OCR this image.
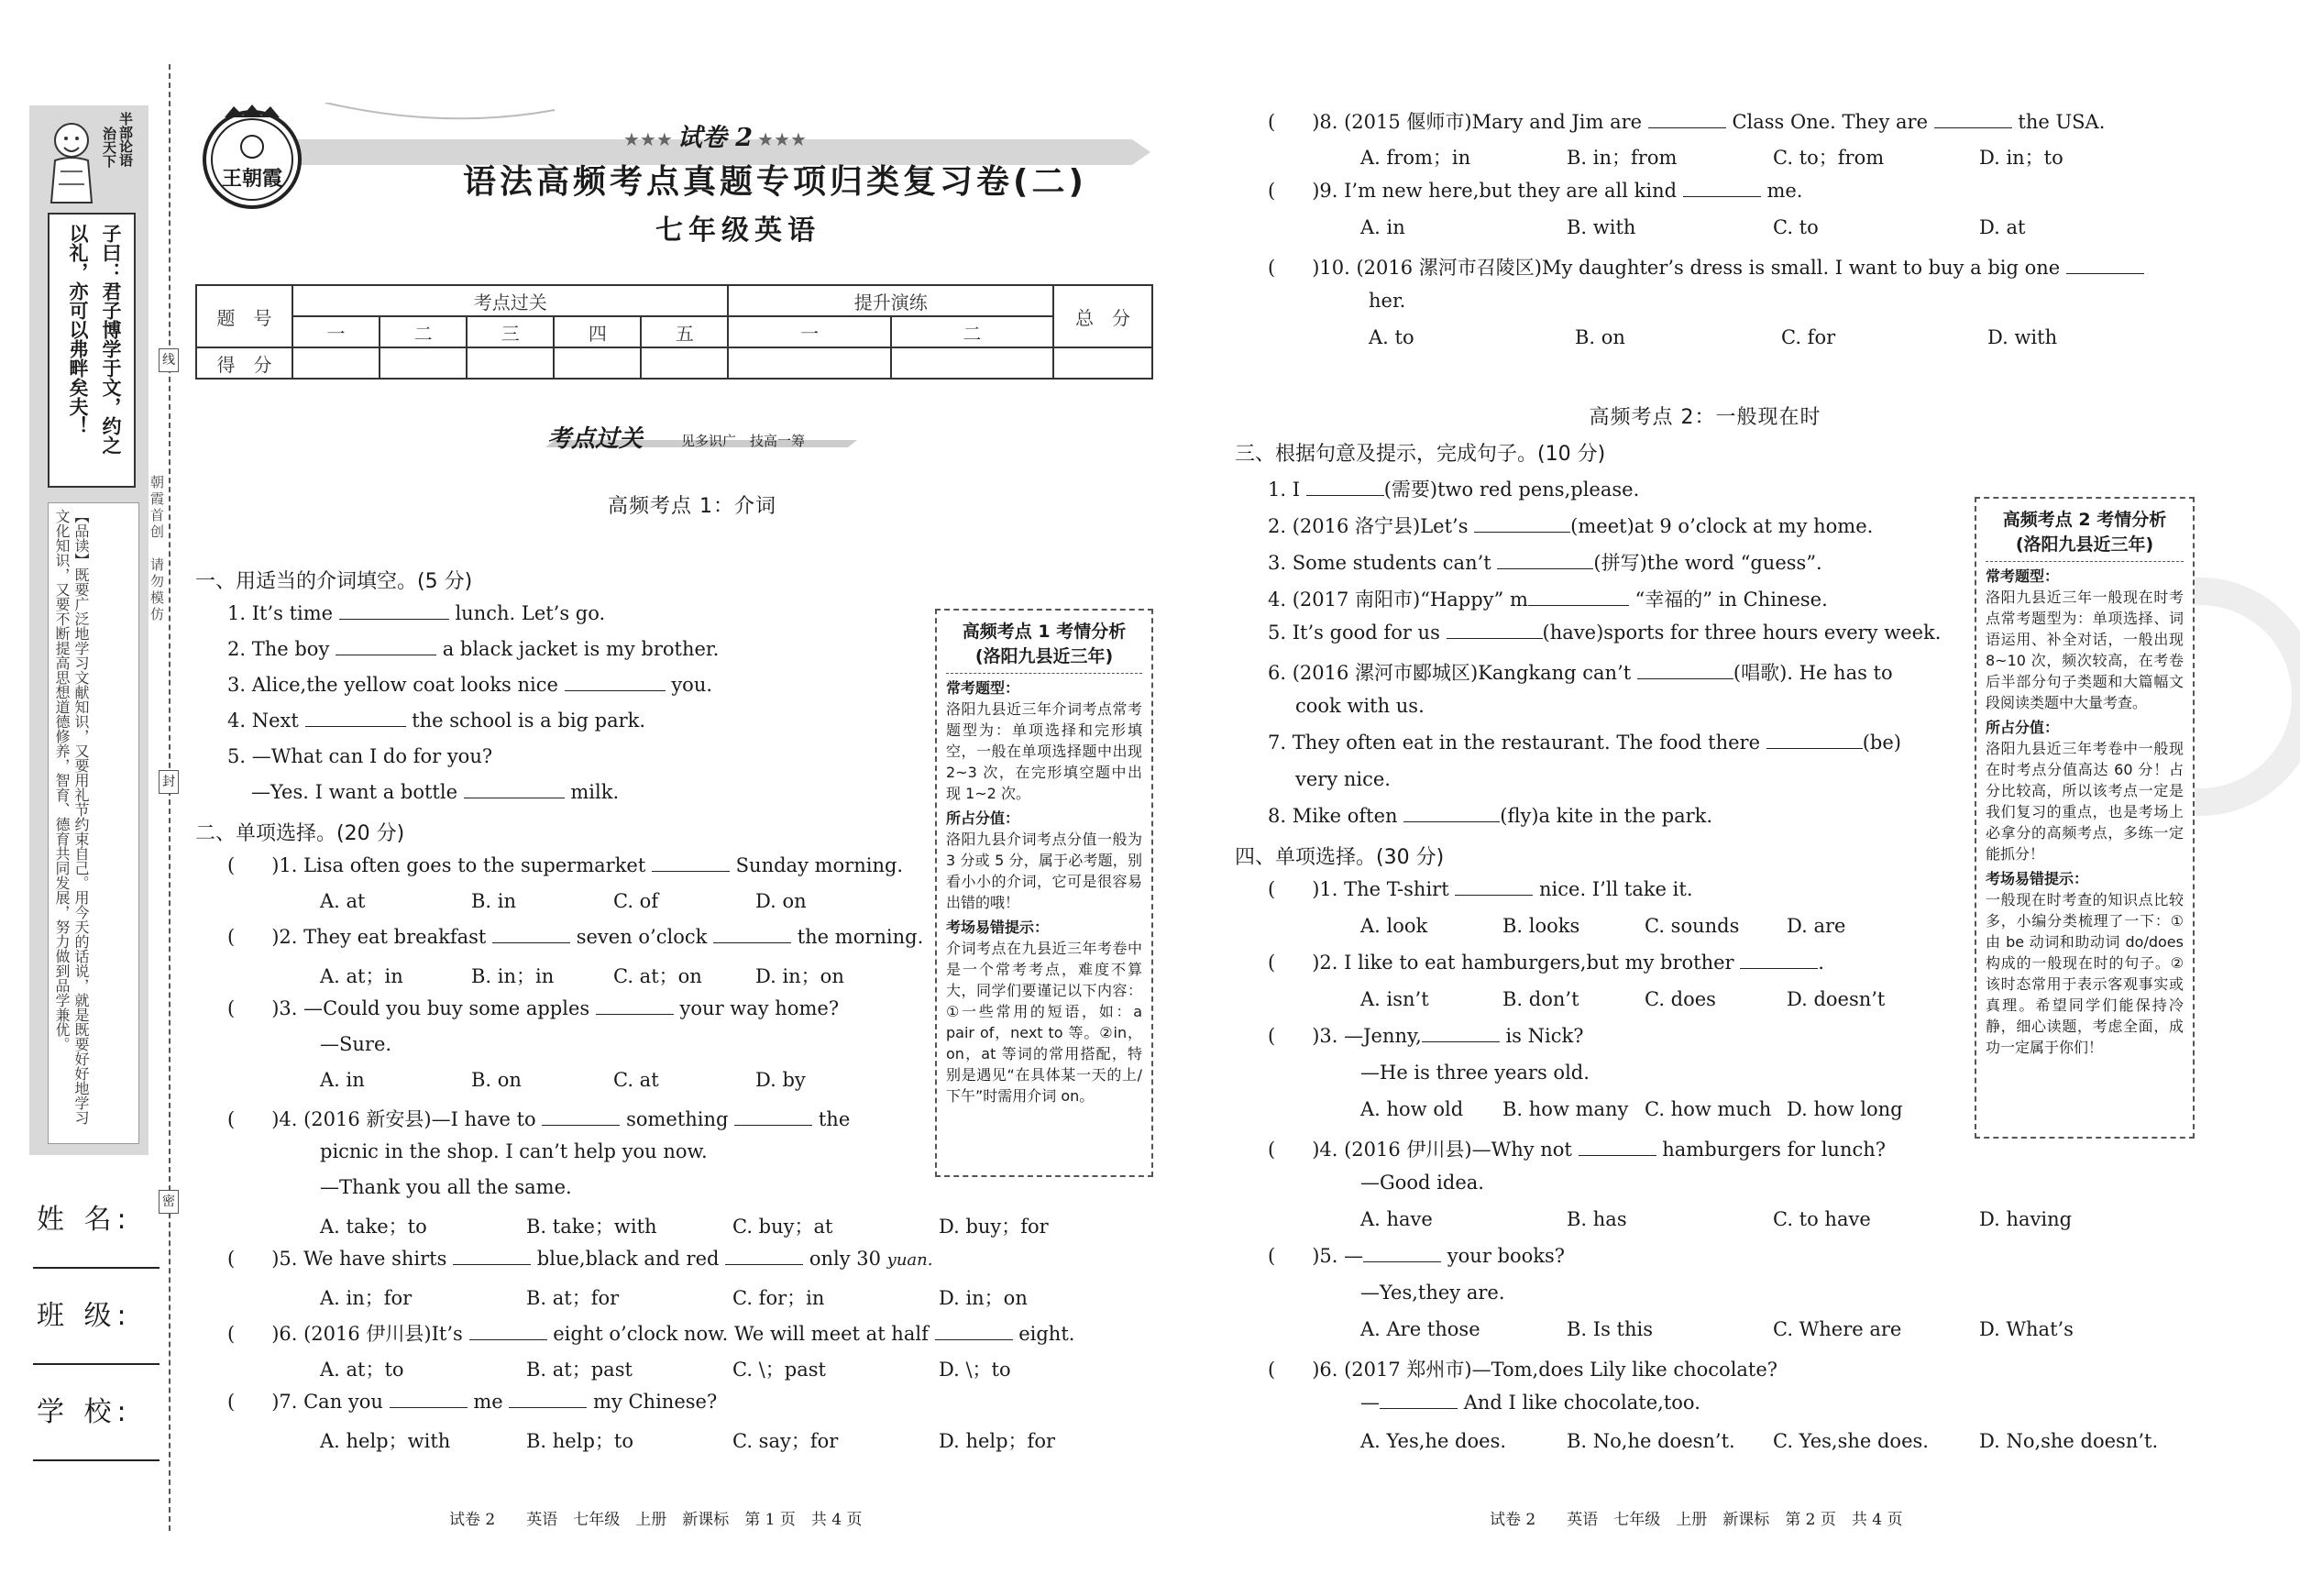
半部论语
治天下
子曰：君子博学于文，约之
以礼，亦可以弗畔矣夫！
【品读】既要广泛地学习文献知识，又要用礼节约束自己。用今天的话说，就是既要好好地学习文化知识，又要不断提高思想道德修养，智育、德育共同发展，努力做到品学兼优。	朝霞首创　请勿模仿
线
封
密
姓 名:
班 级:
学 校:
王朝霞
★★★ 试卷 2 ★★★
语法高频考点真题专项归类复习卷(二)
七年级英语
题　号	考点过关					提升演练		总　分
	一	二	三	四	五	一	二	
得　分								
考点过关	见多识广　技高一筹
高频考点 1：介词
一、用适当的介词填空。(5 分)
1. It’s time	lunch. Let’s go.
2. The boy	a black jacket is my brother.
3. Alice,the yellow coat looks nice	you.
4. Next	the school is a big park.
5. —What can I do for you?
—Yes. I want a bottle	milk.
二、单项选择。(20 分)
( )1. Lisa often goes to the supermarket	Sunday morning.
A. at	B. in	C. of	D. on
( )2. They eat breakfast	seven o’clock	the morning.
A. at；in	B. in；in	C. at；on	D. in；on
( )3. —Could you buy some apples	your way home?
—Sure.
A. in	B. on	C. at	D. by
( )4. (2016 新安县)—I have to	something	the
picnic in the shop. I can’t help you now.
—Thank you all the same.
A. take；to	B. take；with	C. buy；at	D. buy；for
( )5. We have shirts	blue,black and red	only 30 yuan.
A. in；for	B. at；for	C. for；in	D. in；on
( )6. (2016 伊川县)It’s	eight o’clock now. We will meet at half	eight.
A. at；to	B. at；past	C. \；past	D. \；to
( )7. Can you	me	my Chinese?
A. help；with	B. help；to	C. say；for	D. help；for
高频考点 1 考情分析
(洛阳九县近三年)
常考题型：

洛阳九县近三年介词考点常考题型为：单项选择和完形填空，一般在单项选择题中出现 2~3 次，在完形填空题中出现 1~2 次。

所占分值：

洛阳九县介词考点分值一般为 3 分或 5 分，属于必考题，别看小小的介词，它可是很容易出错的哦！

考场易错提示：

介词考点在九县近三年考卷中是一个常考考点，难度不算大，同学们要谨记以下内容：①一些常用的短语，如：a pair of，next to 等。②in，on，at 等词的常用搭配，特别是遇见“在具体某一天的上/下午”时需用介词 on。

试卷 2　　英语　七年级　上册　新课标　第 1 页　共 4 页
( )8. (2015 偃师市)Mary and Jim are	Class One. They are	the USA.
A. from；in	B. in；from	C. to；from	D. in；to
( )9. I’m new here,but they are all kind	me.
A. in	B. with	C. to	D. at
( )10. (2016 漯河市召陵区)My daughter’s dress is small. I want to buy a big one
her.
A. to	B. on	C. for	D. with
高频考点 2：一般现在时
三、根据句意及提示，完成句子。(10 分)
1. I	(需要)two red pens,please.
2. (2016 洛宁县)Let’s	(meet)at 9 o’clock at my home.
3. Some students can’t	(拼写)the word “guess”.
4. (2017 南阳市)“Happy” m	“幸福的” in Chinese.
5. It’s good for us	(have)sports for three hours every week.
6. (2016 漯河市郾城区)Kangkang can’t	(唱歌). He has to
cook with us.
7. They often eat in the restaurant. The food there	(be)
very nice.
8. Mike often	(fly)a kite in the park.
四、单项选择。(30 分)
( )1. The T-shirt	nice. I’ll take it.
A. look	B. looks	C. sounds D. are
( )2. I like to eat hamburgers,but my brother	.
A. isn’t	B. don’t	C. does	D. doesn’t
( )3. —Jenny,	is Nick?
—He is three years old.
A. how old B. how many C. how much D. how long
( )4. (2016 伊川县)—Why not	hamburgers for lunch?
—Good idea.
A. have	B. has	C. to have	D. having
( )5. —	your books?
—Yes,they are.
A. Are those	B. Is this	C. Where are	D. What’s
( )6. (2017 郑州市)—Tom,does Lily like chocolate?
—	And I like chocolate,too.
A. Yes,he does.	B. No,he doesn’t. C. Yes,she does.	D. No,she doesn’t.
高频考点 2 考情分析
(洛阳九县近三年)
常考题型：

洛阳九县近三年一般现在时考点常考题型为：单项选择、词语运用、补全对话，一般出现 8~10 次，频次较高，在考卷后半部分句子类题和大篇幅文段阅读类题中大量考查。

所占分值：

洛阳九县近三年考卷中一般现在时考点分值高达 60 分！占分比较高，所以该考点一定是我们复习的重点，也是考场上必拿分的高频考点，多练一定能抓分！

考场易错提示：

一般现在时考查的知识点比较多，小编分类梳理了一下：①由 be 动词和助动词 do/does 构成的一般现在时的句子。②该时态常用于表示客观事实或真理。希望同学们能保持冷静，细心读题，考虑全面，成功一定属于你们！

试卷 2　　英语　七年级　上册　新课标　第 2 页　共 4 页
